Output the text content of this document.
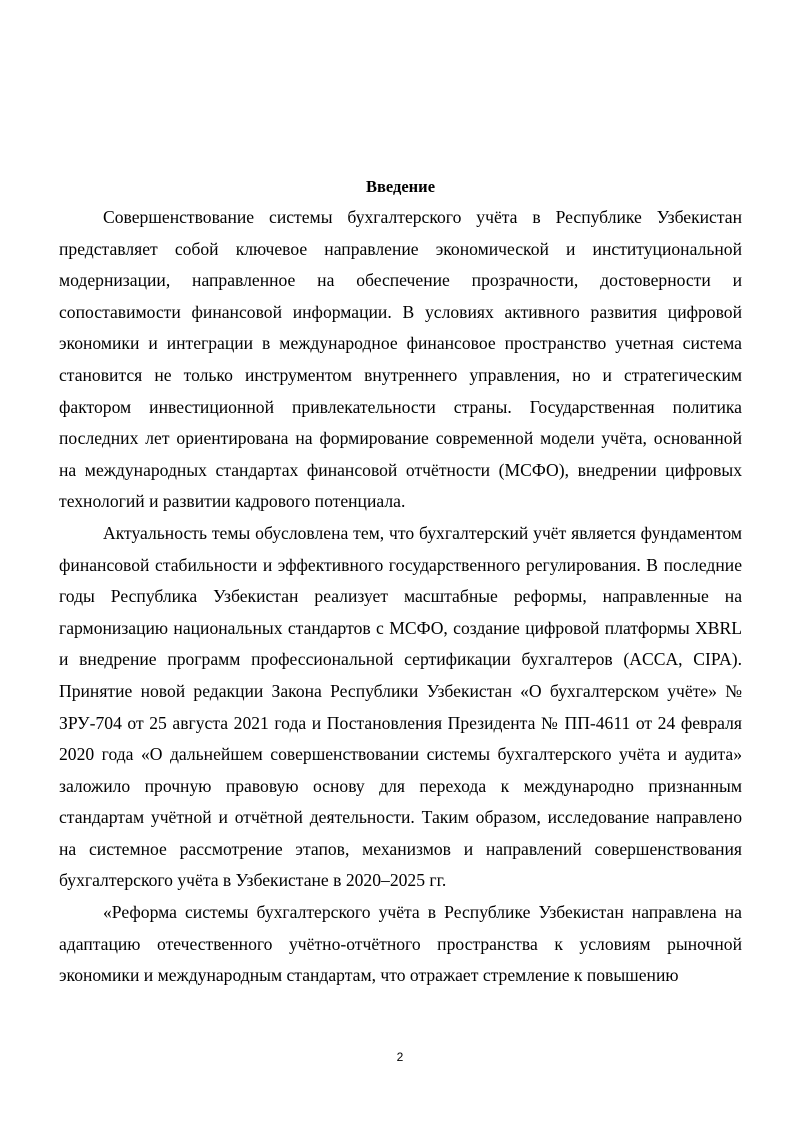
Введение

Совершенствование системы бухгалтерского учёта в Республике Узбекистан представляет собой ключевое направление экономической и институциональной модернизации, направленное на обеспечение прозрачности, достоверности и сопоставимости финансовой информации. В условиях активного развития цифровой экономики и интеграции в международное финансовое пространство учетная система становится не только инструментом внутреннего управления, но и стратегическим фактором инвестиционной привлекательности страны. Государственная политика последних лет ориентирована на формирование современной модели учёта, основанной на международных стандартах финансовой отчётности (МСФО), внедрении цифровых технологий и развитии кадрового потенциала.

Актуальность темы обусловлена тем, что бухгалтерский учёт является фундаментом финансовой стабильности и эффективного государственного регулирования. В последние годы Республика Узбекистан реализует масштабные реформы, направленные на гармонизацию национальных стандартов с МСФО, создание цифровой платформы XBRL и внедрение программ профессиональной сертификации бухгалтеров (ACCA, CIPA). Принятие новой редакции Закона Республики Узбекистан «О бухгалтерском учёте» № ЗРУ-704 от 25 августа 2021 года и Постановления Президента № ПП-4611 от 24 февраля 2020 года «О дальнейшем совершенствовании системы бухгалтерского учёта и аудита» заложило прочную правовую основу для перехода к международно признанным стандартам учётной и отчётной деятельности. Таким образом, исследование направлено на системное рассмотрение этапов, механизмов и направлений совершенствования бухгалтерского учёта в Узбекистане в 2020–2025 гг.

«Реформа системы бухгалтерского учёта в Республике Узбекистан направлена на адаптацию отечественного учётно-отчётного пространства к условиям рыночной экономики и международным стандартам, что отражает стремление к повышению

2
